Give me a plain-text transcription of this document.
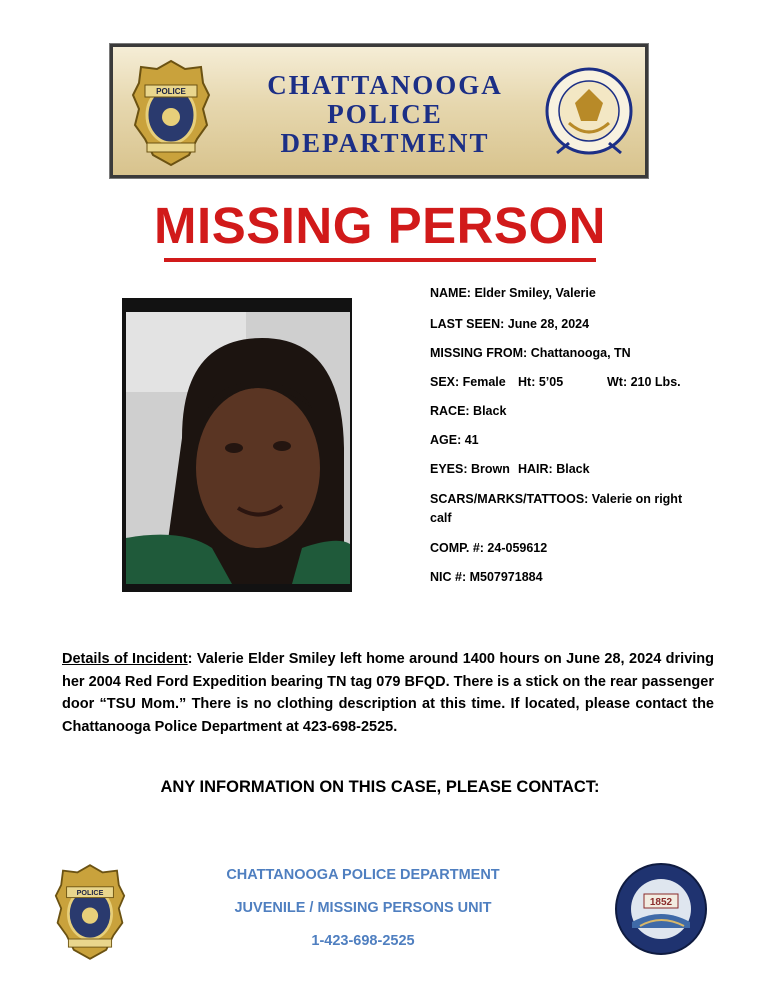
POLICE	CHATTANOOGA
POLICE
DEPARTMENT
MISSING PERSON
NAME: Elder Smiley, Valerie
LAST SEEN: June 28, 2024
MISSING FROM: Chattanooga, TN
SEX: Female Ht: 5’05	Wt: 210 Lbs.
RACE: Black
AGE: 41
EYES: Brown HAIR: Black
SCARS/MARKS/TATTOOS: Valerie on right
calf
COMP. #: 24-059612
NIC #: M507971884
Details of Incident: Valerie Elder Smiley left home around 1400 hours on June 28, 2024 driving her 2004 Red Ford Expedition bearing TN tag 079 BFQD. There is a stick on the rear passenger door “TSU Mom.” There is no clothing description at this time. If located, please contact the Chattanooga Police Department at 423-698-2525.
ANY INFORMATION ON THIS CASE, PLEASE CONTACT:
POLICE
CHATTANOOGA POLICE DEPARTMENT
JUVENILE / MISSING PERSONS UNIT
1-423-698-2525
1852
